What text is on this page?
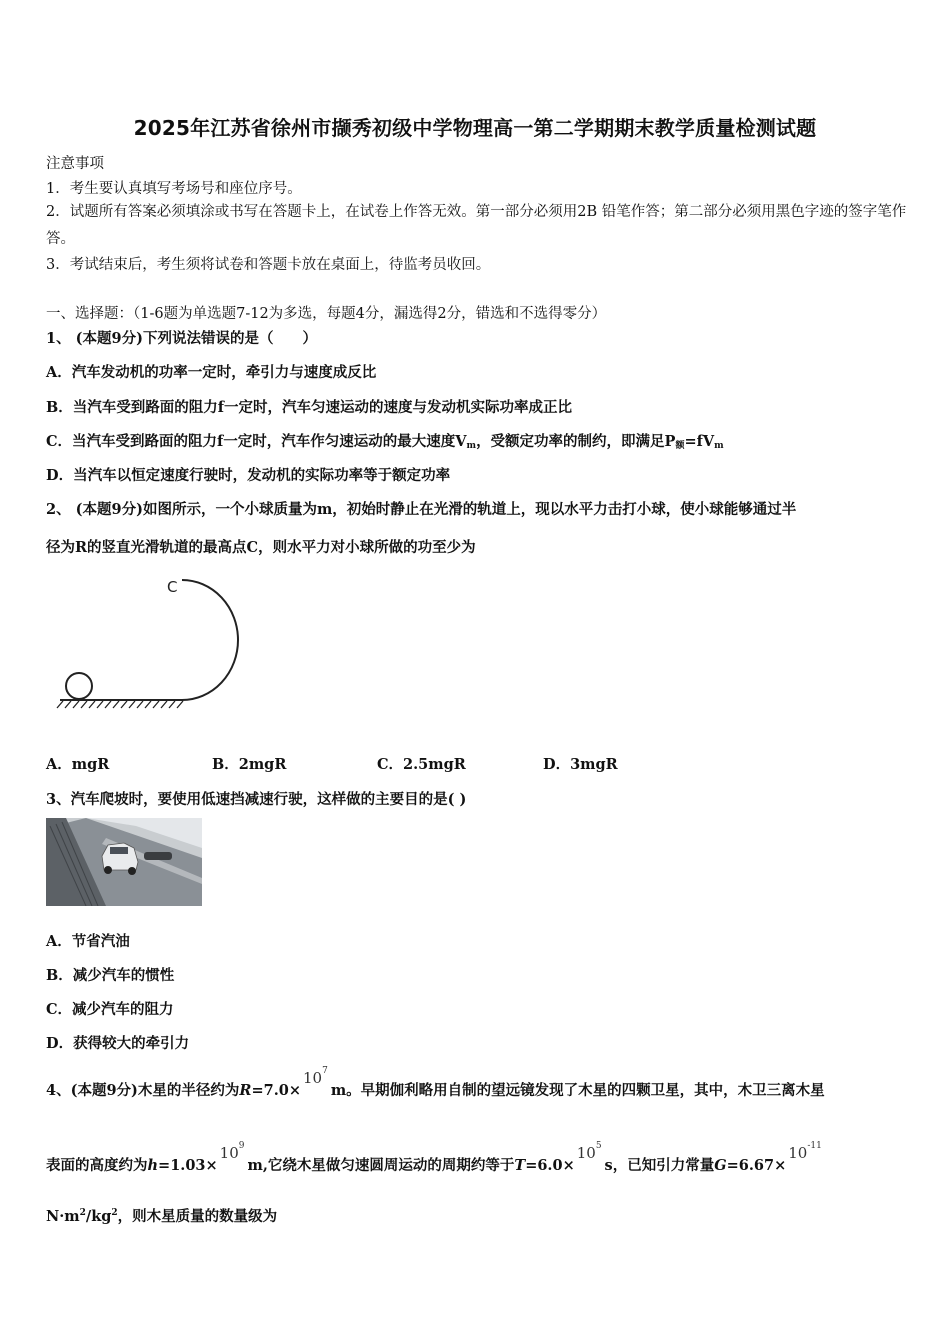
2025年江苏省徐州市撷秀初级中学物理高一第二学期期末教学质量检测试题
注意事项
1．考生要认真填写考场号和座位序号。
2．试题所有答案必须填涂或书写在答题卡上，在试卷上作答无效。第一部分必须用2B 铅笔作答；第二部分必须用黑色字迹的签字笔作答。
3．考试结束后，考生须将试卷和答题卡放在桌面上，待监考员收回。
一、选择题：（1-6题为单选题7-12为多选，每题4分，漏选得2分，错选和不选得零分）
1、 (本题9分)下列说法错误的是（　　）
A．汽车发动机的功率一定时，牵引力与速度成反比
B．当汽车受到路面的阻力f一定时，汽车匀速运动的速度与发动机实际功率成正比
C．当汽车受到路面的阻力f一定时，汽车作匀速运动的最大速度$V_m$，受额定功率的制约，即满足$P_额=fV_m$
D．当汽车以恒定速度行驶时，发动机的实际功率等于额定功率
2、 (本题9分)如图所示，一个小球质量为m，初始时静止在光滑的轨道上，现以水平力击打小球，使小球能够通过半
径为R的竖直光滑轨道的最高点C，则水平力对小球所做的功至少为
C
A．mgR	B．2mgR	C．2.5mgR	D．3mgR
3、汽车爬坡时，要使用低速挡减速行驶，这样做的主要目的是( )
A．节省汽油
B．减少汽车的惯性
C．减少汽车的阻力
D．获得较大的牵引力
4、(本题9分)木星的半径约为$R=7.0\times 10^7m$。早期伽利略用自制的望远镜发现了木星的四颗卫星，其中，木卫三离木星
表面的高度约为$h=1.03\times 10^9m$,它绕木星做匀速圆周运动的周期约等于$T=6.0\times 10^5s$，已知引力常量$G=6.67\times 10^{-11}$
$N\cdot m^2/kg^2$，则木星质量的数量级为
